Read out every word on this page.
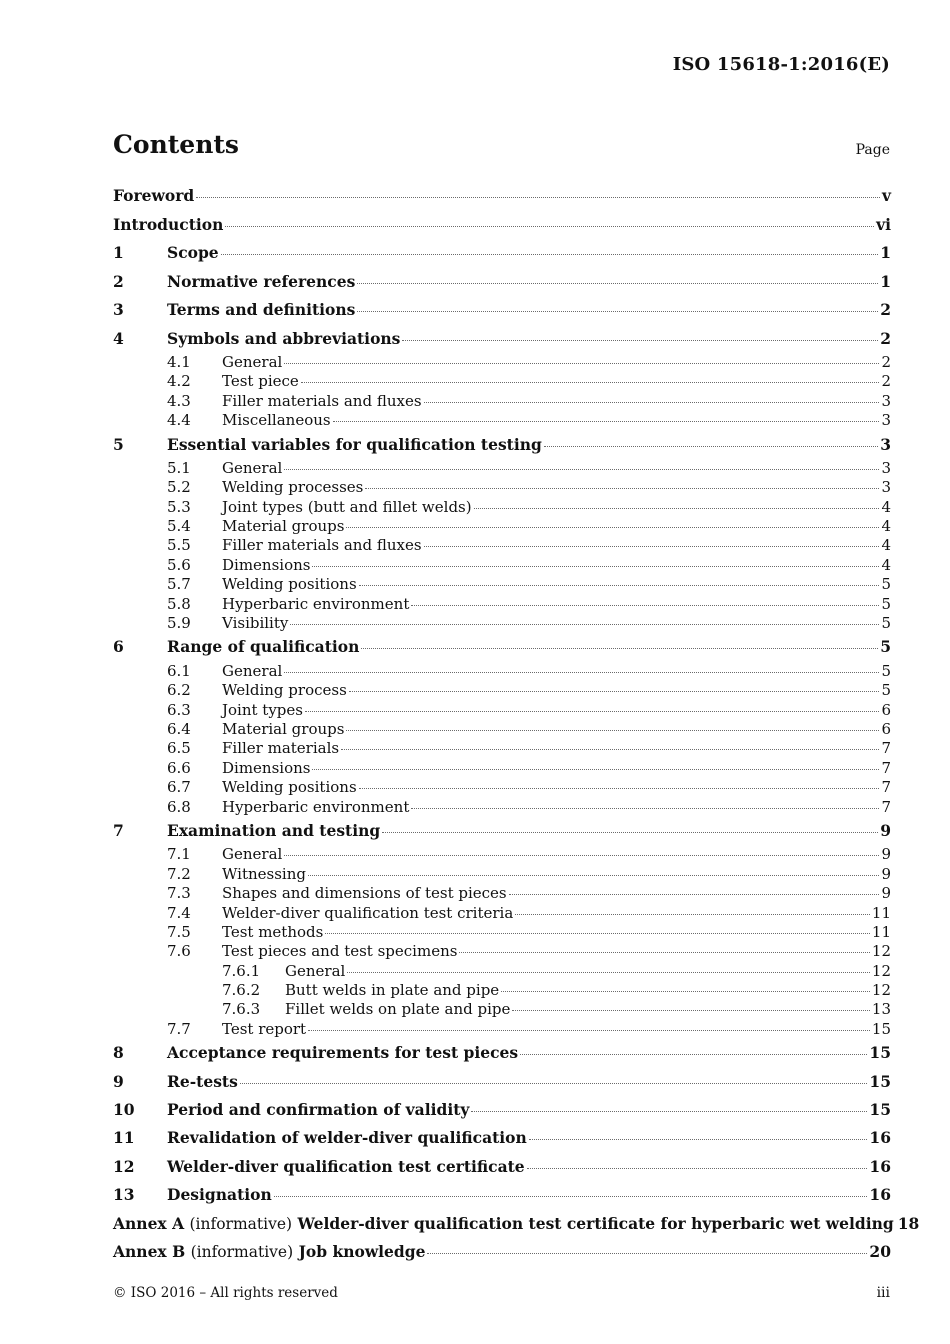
ISO 15618-1:2016(E)
Contents	Page
Foreword	v
Introduction	vi
1	Scope	1
2	Normative references	1
3	Terms and definitions	2
4	Symbols and abbreviations	2
4.1	General	2
4.2	Test piece	2
4.3	Filler materials and fluxes	3
4.4	Miscellaneous	3
5	Essential variables for qualification testing	3
5.1	General	3
5.2	Welding processes	3
5.3	Joint types (butt and fillet welds)	4
5.4	Material groups	4
5.5	Filler materials and fluxes	4
5.6	Dimensions	4
5.7	Welding positions	5
5.8	Hyperbaric environment	5
5.9	Visibility	5
6	Range of qualification	5
6.1	General	5
6.2	Welding process	5
6.3	Joint types	6
6.4	Material groups	6
6.5	Filler materials	7
6.6	Dimensions	7
6.7	Welding positions	7
6.8	Hyperbaric environment	7
7	Examination and testing	9
7.1	General	9
7.2	Witnessing	9
7.3	Shapes and dimensions of test pieces	9
7.4	Welder-diver qualification test criteria	11
7.5	Test methods	11
7.6	Test pieces and test specimens	12
7.6.1	General	12
7.6.2	Butt welds in plate and pipe	12
7.6.3	Fillet welds on plate and pipe	13
7.7	Test report	15
8	Acceptance requirements for test pieces	15
9	Re-tests	15
10	Period and confirmation of validity	15
11	Revalidation of welder-diver qualification	16
12	Welder-diver qualification test certificate	16
13	Designation	16
Annex A (informative) Welder-diver qualification test certificate for hyperbaric wet welding 18
Annex B (informative) Job knowledge	20
© ISO 2016 – All rights reserved	iii
